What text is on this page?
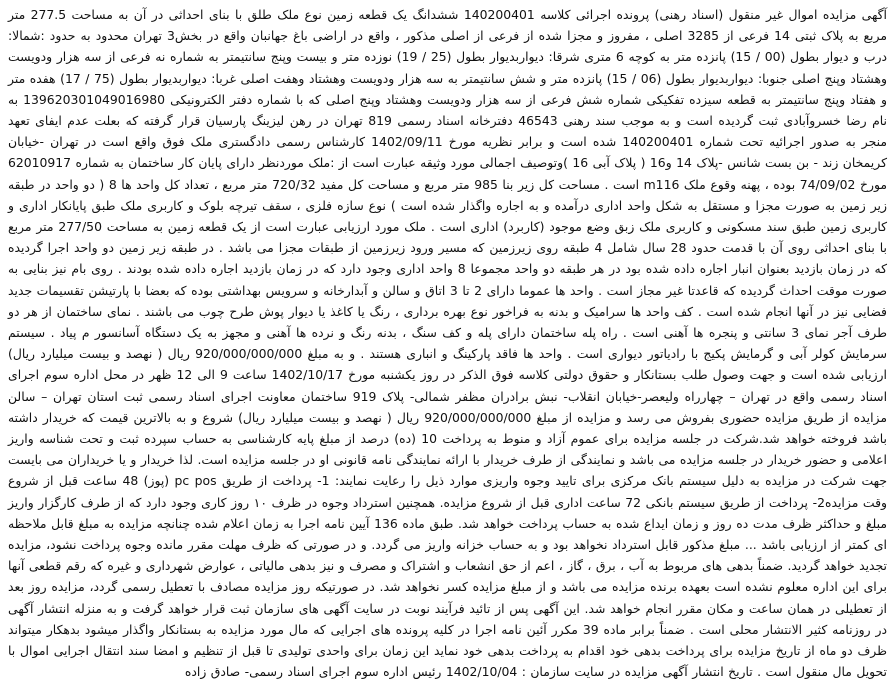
آگهی مزایده اموال غیر منقول (اسناد رهنی) پرونده اجرائی کلاسه 140200401 ششدانگ یک قطعه زمین نوع ملک طلق با بنای احداثی در آن به مساحت 277.5 متر مربع به پلاک ثبتی 14 فرعی از 3285 اصلی ، مفروز و مجزا شده از فرعی از اصلی مذکور ، واقع در اراضی باغ جهانبان واقع در بخش3 تهران محدود به حدود :شمالا: درب و دیوار بطول (00 / 15) پانزده متر به کوچه 6 متری شرقا: دیواربدیوار بطول (25 / 19) نوزده متر و بیست وپنج سانتیمتر به شماره نه فرعی از سه هزار ودویست وهشتاد وپنج اصلی جنوبا: دیواربدیوار بطول (06 / 15) پانزده متر و شش سانتیمتر به سه هزار ودویست وهشتاد وهفت اصلی غربا: دیواربدیوار بطول (75 / 17) هفده متر و هفتاد وپنج سانتیمتر به قطعه سیزده تفکیکی شماره شش فرعی از سه هزار ودویست وهشتاد وپنج اصلی که با شماره دفتر الکترونیکی 139620301049016980 به نام رضا خسروآبادی ثبت گردیده است و به موجب سند رهنی 46543 دفترخانه اسناد رسمی 819 تهران در رهن لیزینگ پارسیان قرار گرفته که بعلت عدم ایفای تعهد منجر به صدور اجرائیه تحت شماره 140200401 شده است و برابر نظریه مورخ 1402/09/11 کارشناس رسمی دادگستری ملک فوق واقع است در تهران -خیابان کریمخان زند - بن بست شانس -پلاک 14 و16 ( پلاک آبی 16 )وتوصیف اجمالی مورد وثیقه عبارت است از :ملک موردنظر دارای پایان کار ساختمان به شماره 62010917 مورخ 74/09/02 بوده ، پهنه وقوع ملک m116 است . مساحت کل زیر بنا 985 متر مربع و مساحت کل مفید 720/32 متر مربع ، تعداد کل واحد ها 8 ( دو واحد در طبقه زیر زمین به صورت مجزا و مستقل به شکل واحد اداری درآمده و به اجاره واگذار شده است ) نوع سازه فلزی ، سقف تیرچه بلوک و کاربری ملک طبق پایانکار اداری و کاربری زمین طبق سند مسکونی و کاربری ملک زبق وضع موجود (کاربرد) اداری است . ملک مورد ارزیابی عبارت است از یک قطعه زمین به مساحت 277/50 متر مربع با بنای احداثی روی آن با قدمت حدود 28 سال شامل 4 طبقه روی زیرزمین که مسیر ورود زیرزمین از طبقات مجزا می باشد . در طبقه زیر زمین دو واحد اجرا گردیده که در زمان بازدید بعنوان انبار اجاره داده شده بود در هر طبقه دو واحد مجموعا 8 واحد اداری وجود دارد که در زمان بازدید اجاره داده شده بودند . روی بام نیز بنایی به صورت موقت احداث گردیده که قاعدتا غیر مجاز است . واحد ها عموما دارای 2 تا 3 اتاق و سالن و آبدارخانه و سرویس بهداشتی بوده که بعضا با پارتیشن تقسیمات جدید فضایی نیز در آنها انجام شده است . کف واحد ها سرامیک و بدنه به فراخور نوع بهره برداری ، رنگ یا کاغذ یا دیوار پوش طرح چوب می باشند . نمای ساختمان از هر دو طرف آجر نمای 3 سانتی و پنجره ها آهنی است . راه پله ساختمان دارای پله و کف سنگ ، بدنه رنگ و نرده ها آهنی و مجهز به یک دستگاه آسانسور م پیاد . سیستم سرمایش کولر آبی و گرمایش پکیج با رادیاتور دیواری است . واحد ها فاقد پارکینگ و انباری هستند . و به مبلغ 920/000/000/000 ریال ( نهصد و بیست میلیارد ریال) ارزیابی شده است و جهت وصول طلب بستانکار و حقوق دولتی کلاسه فوق الذکر در روز یکشنبه مورخ 1402/10/17 ساعت 9 الی 12 ظهر در محل اداره سوم اجرای اسناد رسمی واقع در تهران – چهارراه ولیعصر-خیابان انقلاب- نبش برادران مظفر شمالی- پلاک 919 ساختمان معاونت اجرای اسناد رسمی ثبت استان تهران – سالن مزایده از طریق مزایده حضوری بفروش می رسد و مزایده از مبلغ 920/000/000/000 ریال ( نهصد و بیست میلیارد ریال) شروع و به بالاترین قیمت که خریدار داشته باشد فروخته خواهد شد.شرکت در جلسه مزایده برای عموم آزاد و منوط به پرداخت 10 (ده) درصد از مبلغ پایه کارشناسی به حساب سپرده ثبت و تحت شناسه واریز اعلامی و حضور خریدار در جلسه مزایده می باشد و نمایندگی از طرف خریدار با ارائه نمایندگی نامه قانونی او در جلسه مزایده است. لذا خریدار و یا خریداران می بایست جهت شرکت در مزایده به دلیل سیستم بانک مرکزی برای تایید وجوه واریزی موارد ذیل را رعایت نمایند: 1- پرداخت از طریق pc pos (پوز) 48 ساعت قبل از شروع وقت مزایده2- پرداخت از طریق سیستم بانکی 72 ساعت اداری قبل از شروع مزایده. همچنین استرداد وجوه در ظرف ۱۰ روز کاری وجود دارد که از طرف کارگزار واریز مبلغ و حداکثر ظرف مدت ده روز و زمان ایداع شده به حساب پرداخت خواهد شد. طبق ماده 136 آیین نامه اجرا به زمان اعلام شده چنانچه مزایده به مبلغ قابل ملاحظه ای کمتر از ارزیابی باشد ... مبلغ مذکور قابل استرداد نخواهد بود و به حساب خزانه واریز می گردد. و در صورتی که ظرف مهلت مقرر مانده وجوه پرداخت نشود، مزایده تجدید خواهد گردید. ضمناً بدهی های مربوط به آب ، برق ، گاز ، اعم از حق انشعاب و اشتراک و مصرف و نیز بدهی مالیاتی ، عوارض شهرداری و غیره که رقم قطعی آنها برای این اداره معلوم نشده است بعهده برنده مزایده می باشد و از مبلغ مزایده کسر نخواهد شد. در صورتیکه روز مزایده مصادف با تعطیل رسمی گردد، مزایده روز بعد از تعطیلی در همان ساعت و مکان مقرر انجام خواهد شد. این آگهی پس از تائید فرآیند نوبت در سایت آگهی های سازمان ثبت قرار خواهد گرفت و به منزله انتشار آگهی در روزنامه کثیر الانتشار محلی است . ضمناً برابر ماده 39 مکرر آئین نامه اجرا در کلیه پرونده های اجرایی که مال مورد مزایده به بستانکار واگذار میشود بدهکار میتواند ظرف دو ماه از تاریخ مزایده برای پرداخت بدهی خود اقدام به پرداخت بدهی خود نماید این زمان برای واحدی تولیدی تا قبل از تنظیم و امضا سند انتقال اجرایی اموال با تحویل مال منقول است . تاریخ انتشار آگهی مزایده در سایت سازمان : 1402/10/04 رئیس اداره سوم اجرای اسناد رسمی- صادق زاده
